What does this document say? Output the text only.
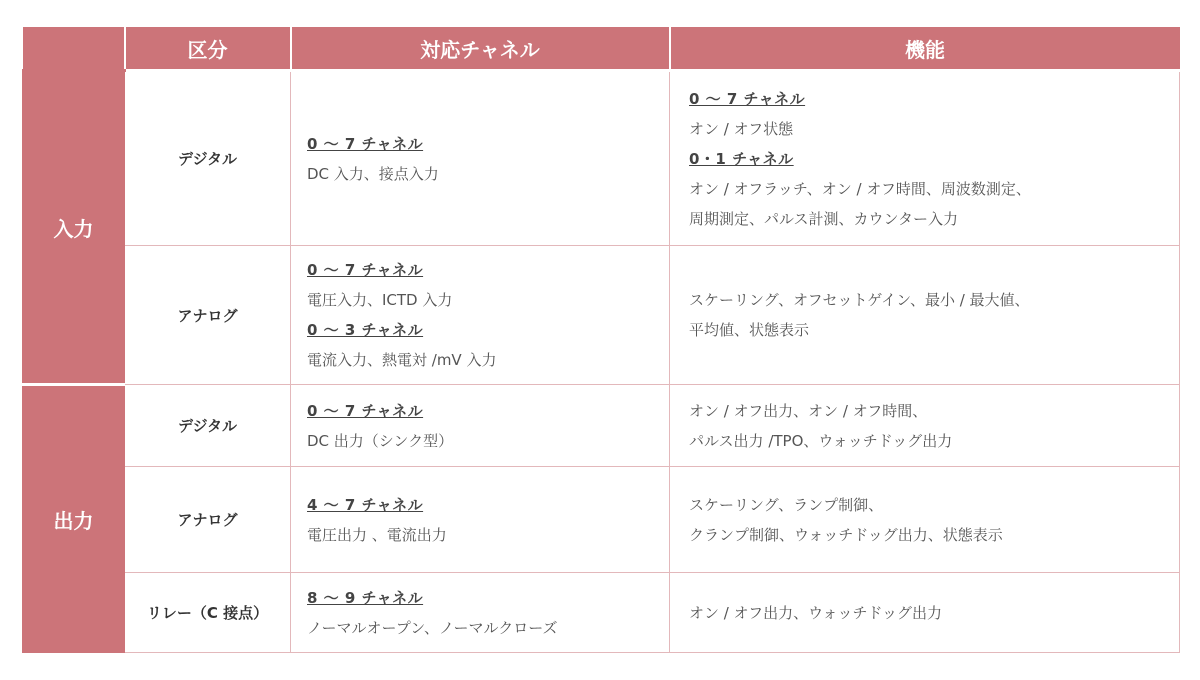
	区分	対応チャネル	機能
入力	デジタル	0 ～ 7 チャネル
DC 入力、接点入力	0 ～ 7 チャネル
オン / オフ状態
0・1 チャネル
オン / オフラッチ、オン / オフ時間、周波数測定、
周期測定、パルス計測、カウンター入力

	アナログ	0 ～ 7 チャネル
電圧入力、ICTD 入力
0 ～ 3 チャネル
電流入力、熱電対 /mV 入力	スケーリング、オフセットゲイン、最小 / 最大値、
平均値、状態表示

出力	デジタル	0 ～ 7 チャネル
DC 出力（シンク型）	オン / オフ出力、オン / オフ時間、
パルス出力 /TPO、ウォッチドッグ出力

	アナログ	4 ～ 7 チャネル
電圧出力 、電流出力	スケーリング、ランプ制御、
クランプ制御、ウォッチドッグ出力、状態表示

	リレー（C 接点）	8 ～ 9 チャネル
ノーマルオープン、ノーマルクローズ	オン / オフ出力、ウォッチドッグ出力
